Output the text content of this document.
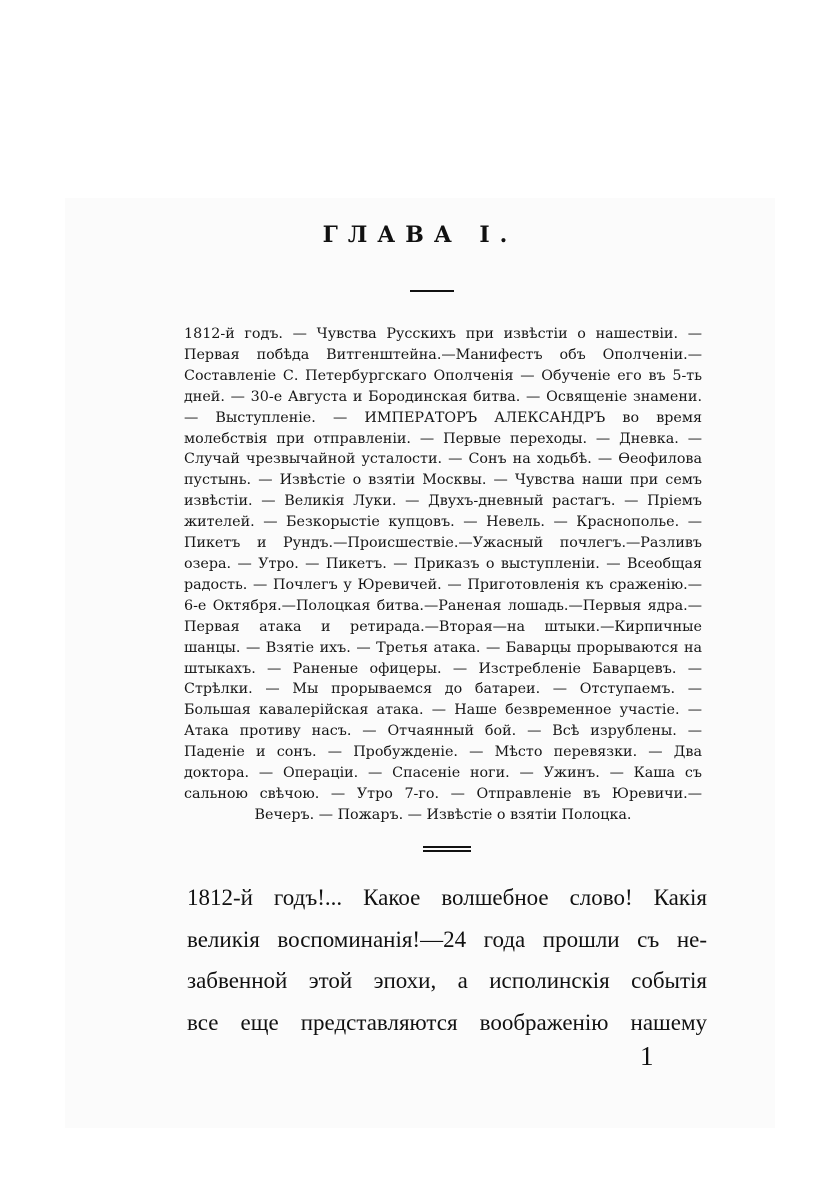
ГЛАВА I.
1812-й годъ. — Чувства Русскихъ при извѣстіи о нашествіи. — Первая побѣда Витгенштейна.—Манифестъ объ Ополченіи.—Составленіе С. Петербургскаго Ополченія — Обученіе его въ 5-ть дней. — 30-е Августа и Бородинская битва. — Освященіе знамени. — Выступленіе. — ИМПЕРАТОРЪ АЛЕКСАНДРЪ во время молебствія при отправленіи. — Первые переходы. — Дневка. — Случай чрезвычайной усталости. — Сонъ на ходьбѣ. — Ѳеофилова пустынь. — Извѣстіе о взятіи Москвы. — Чувства наши при семъ извѣстіи. — Великія Луки. — Двухъ-дневный растагъ. — Пріемъ жителей. — Безкорыстіе купцовъ. — Невель. — Краснополье. — Пикетъ и Рундъ.—Происшествіе.—Ужасный почлегъ.—Разливъ озера. — Утро. — Пикетъ. — Приказъ о выступленіи. — Всеобщая радость. — Почлегъ у Юревичей. — Приготовленія къ сраженію.—6-е Октября.—Полоцкая битва.—Раненая лошадь.—Первыя ядра.—Первая атака и ретирада.—Вторая—на штыки.—Кирпичные шанцы. — Взятіе ихъ. — Третья атака. — Баварцы прорываются на штыкахъ. — Раненые офицеры. — Изстребленіе Баварцевъ. — Стрѣлки. — Мы прорываемся до батареи. — Отступаемъ. — Большая кавалерійская атака. — Наше безвременное участіе. — Атака противу насъ. — Отчаянный бой. — Всѣ изрублены. — Паденіе и сонъ. — Пробужденіе. — Мѣсто перевязки. — Два доктора. — Операціи. — Спасеніе ноги. — Ужинъ. — Каша съ сальною свѣчою. — Утро 7-го. — Отправленіе въ Юревичи.—Вечеръ. — Пожаръ. — Извѣстіе о взятіи Полоцка.
1812-й годъ!... Какое волшебное слово! Какія
великія воспоминанія!—24 года прошли съ не-
забвенной этой эпохи, а исполинскія событія
все еще представляются воображенію нашему
1
